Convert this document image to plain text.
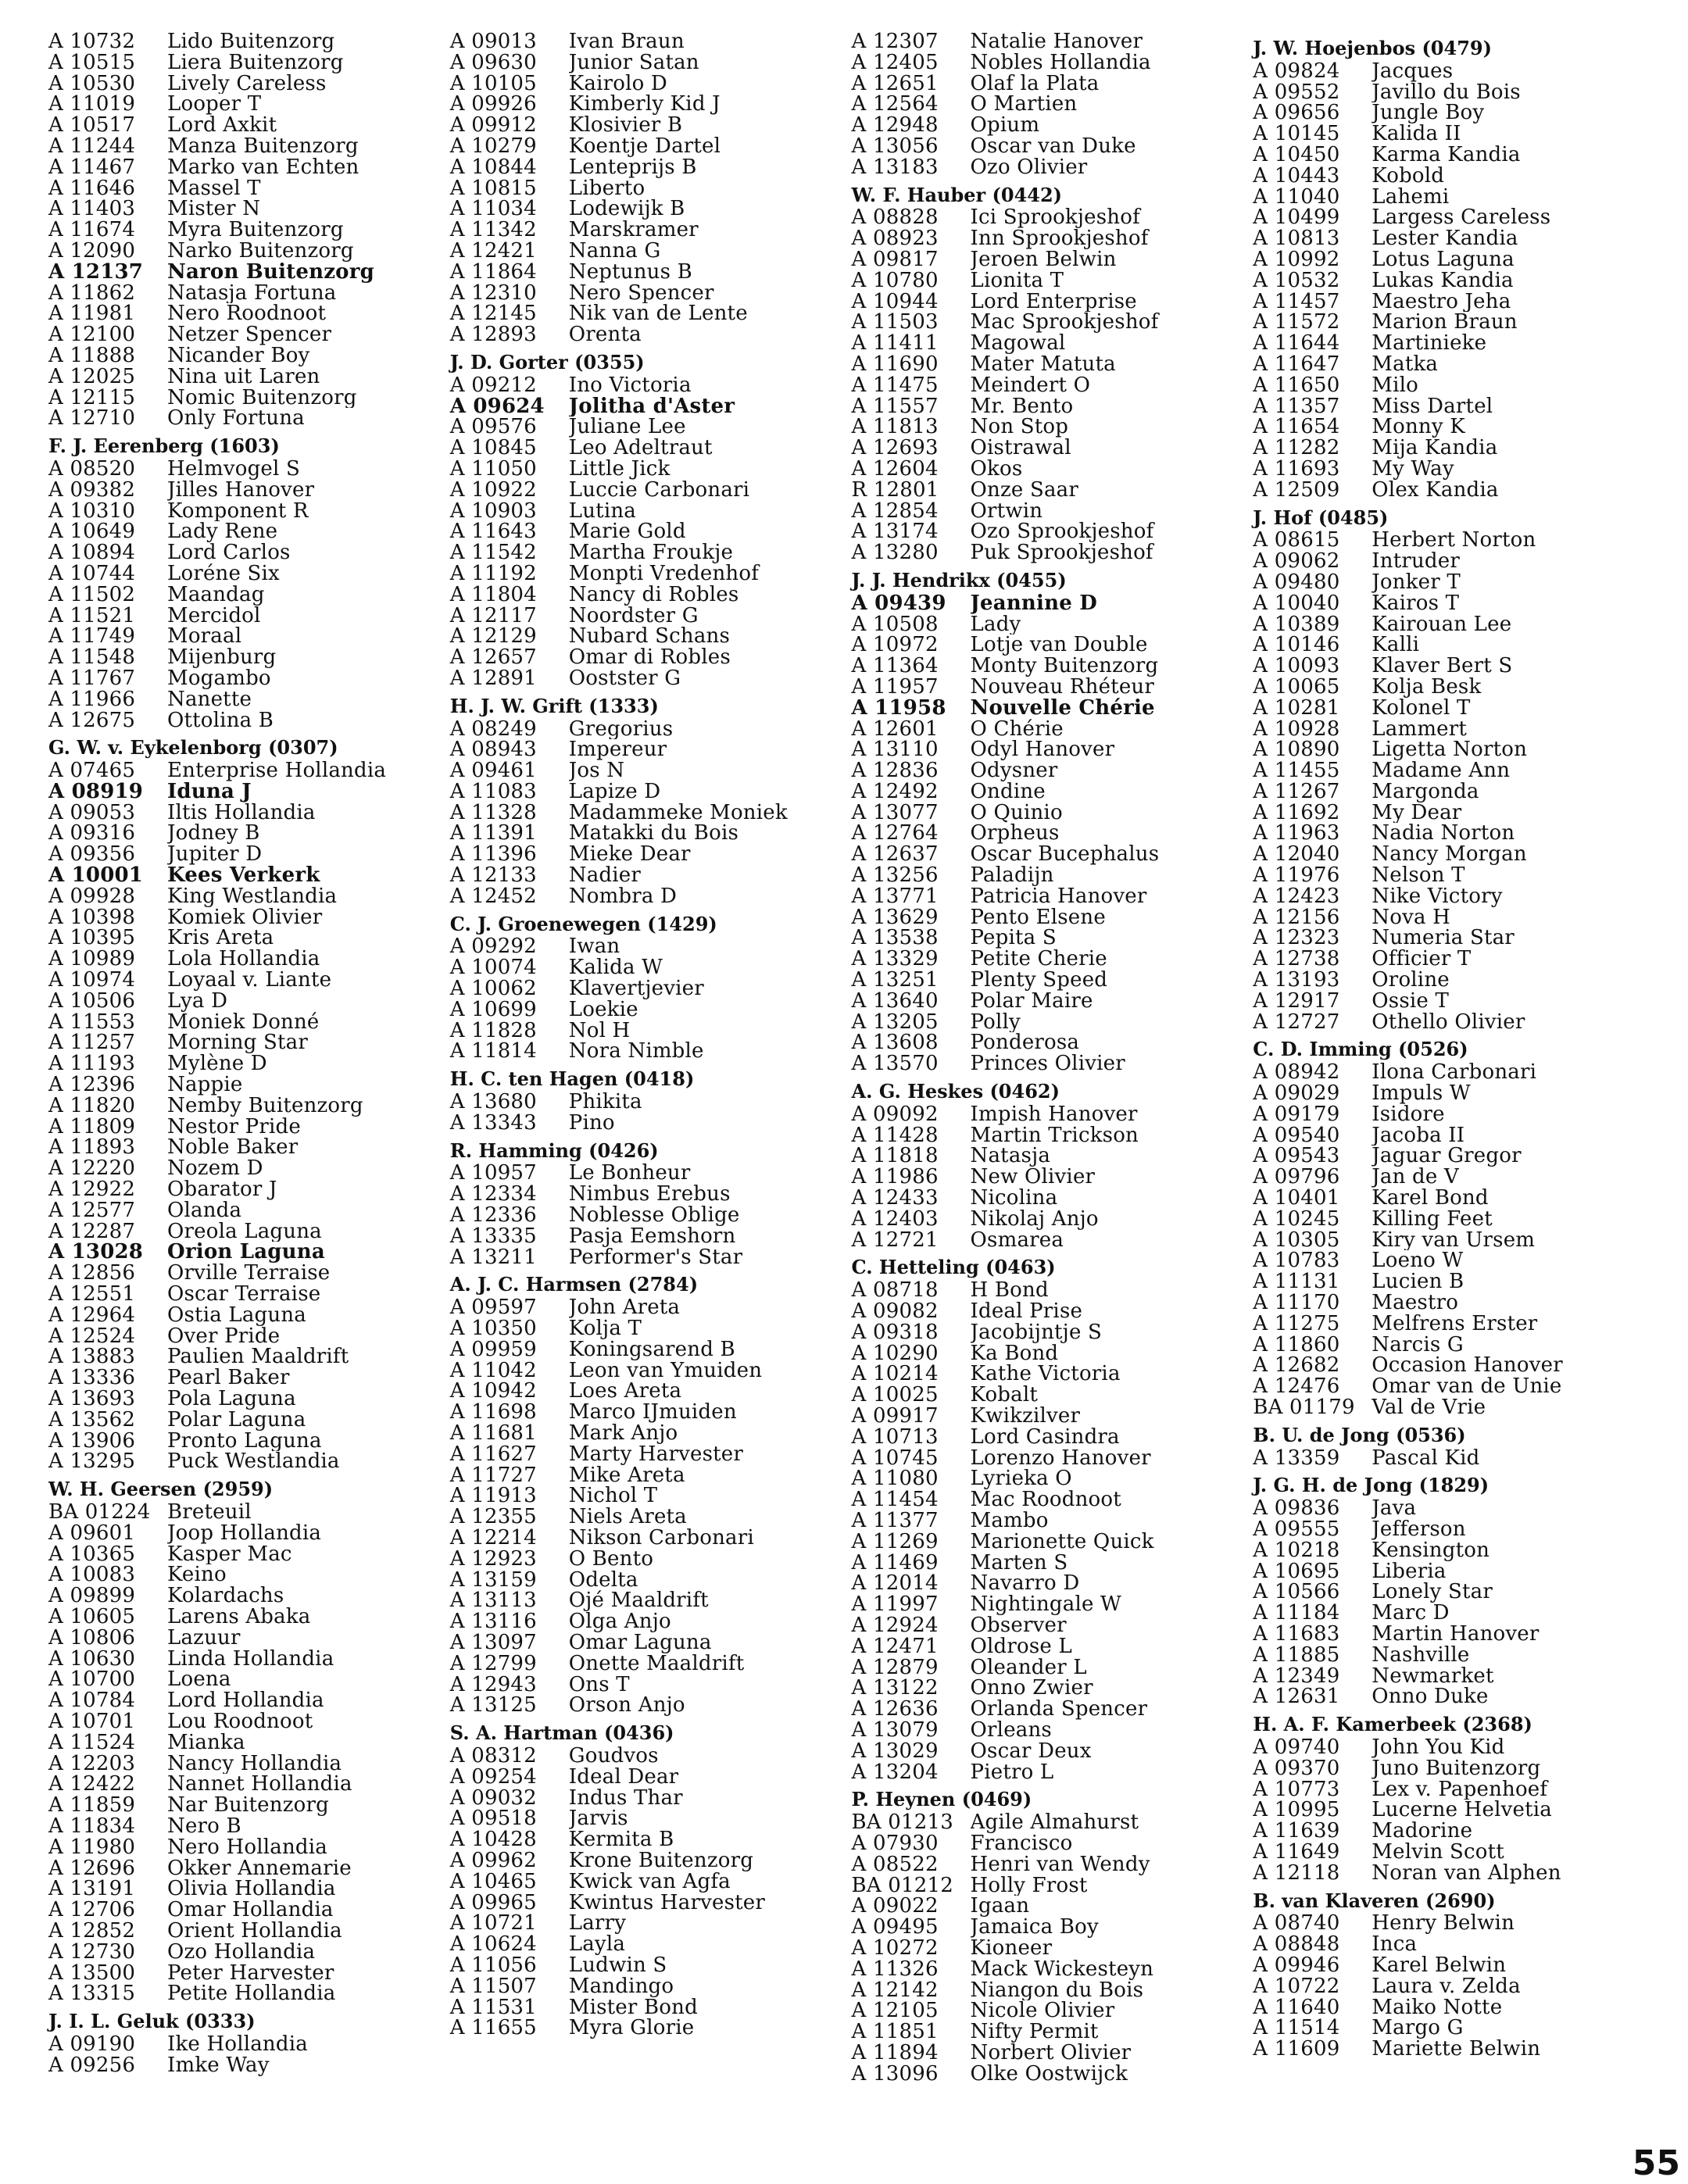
A 10732	Lido Buitenzorg
A 10515	Liera Buitenzorg
A 10530	Lively Careless
A 11019	Looper T
A 10517	Lord Axkit
A 11244	Manza Buitenzorg
A 11467	Marko van Echten
A 11646	Massel T
A 11403	Mister N
A 11674	Myra Buitenzorg
A 12090	Narko Buitenzorg
A 12137	Naron Buitenzorg
A 11862	Natasja Fortuna
A 11981	Nero Roodnoot
A 12100	Netzer Spencer
A 11888	Nicander Boy
A 12025	Nina uit Laren
A 12115	Nomic Buitenzorg
A 12710	Only Fortuna
F. J. Eerenberg (1603)
A 08520	Helmvogel S
A 09382	Jilles Hanover
A 10310	Komponent R
A 10649	Lady Rene
A 10894	Lord Carlos
A 10744	Loréne Six
A 11502	Maandag
A 11521	Mercidol
A 11749	Moraal
A 11548	Mijenburg
A 11767	Mogambo
A 11966	Nanette
A 12675	Ottolina B
G. W. v. Eykelenborg (0307)
A 07465	Enterprise Hollandia
A 08919	Iduna J
A 09053	Iltis Hollandia
A 09316	Jodney B
A 09356	Jupiter D
A 10001	Kees Verkerk
A 09928	King Westlandia
A 10398	Komiek Olivier
A 10395	Kris Areta
A 10989	Lola Hollandia
A 10974	Loyaal v. Liante
A 10506	Lya D
A 11553	Moniek Donné
A 11257	Morning Star
A 11193	Mylène D
A 12396	Nappie
A 11820	Nemby Buitenzorg
A 11809	Nestor Pride
A 11893	Noble Baker
A 12220	Nozem D
A 12922	Obarator J
A 12577	Olanda
A 12287	Oreola Laguna
A 13028	Orion Laguna
A 12856	Orville Terraise
A 12551	Oscar Terraise
A 12964	Ostia Laguna
A 12524	Over Pride
A 13883	Paulien Maaldrift
A 13336	Pearl Baker
A 13693	Pola Laguna
A 13562	Polar Laguna
A 13906	Pronto Laguna
A 13295	Puck Westlandia
W. H. Geersen (2959)
BA 01224 Breteuil
A 09601	Joop Hollandia
A 10365	Kasper Mac
A 10083	Keino
A 09899	Kolardachs
A 10605	Larens Abaka
A 10806	Lazuur
A 10630	Linda Hollandia
A 10700	Loena
A 10784	Lord Hollandia
A 10701	Lou Roodnoot
A 11524	Mianka
A 12203	Nancy Hollandia
A 12422	Nannet Hollandia
A 11859	Nar Buitenzorg
A 11834	Nero B
A 11980	Nero Hollandia
A 12696	Okker Annemarie
A 13191	Olivia Hollandia
A 12706	Omar Hollandia
A 12852	Orient Hollandia
A 12730	Ozo Hollandia
A 13500	Peter Harvester
A 13315	Petite Hollandia
J. I. L. Geluk (0333)
A 09190	Ike Hollandia
A 09256	Imke Way
A 09013	Ivan Braun
A 09630	Junior Satan
A 10105	Kairolo D
A 09926	Kimberly Kid J
A 09912	Klosivier B
A 10279	Koentje Dartel
A 10844	Lenteprijs B
A 10815	Liberto
A 11034	Lodewijk B
A 11342	Marskramer
A 12421	Nanna G
A 11864	Neptunus B
A 12310	Nero Spencer
A 12145	Nik van de Lente
A 12893	Orenta
J. D. Gorter (0355)
A 09212	Ino Victoria
A 09624	Jolitha d'Aster
A 09576	Juliane Lee
A 10845	Leo Adeltraut
A 11050	Little Jick
A 10922	Luccie Carbonari
A 10903	Lutina
A 11643	Marie Gold
A 11542	Martha Froukje
A 11192	Monpti Vredenhof
A 11804	Nancy di Robles
A 12117	Noordster G
A 12129	Nubard Schans
A 12657	Omar di Robles
A 12891	Oostster G
H. J. W. Grift (1333)
A 08249	Gregorius
A 08943	Impereur
A 09461	Jos N
A 11083	Lapize D
A 11328	Madammeke Moniek
A 11391	Matakki du Bois
A 11396	Mieke Dear
A 12133	Nadier
A 12452	Nombra D
C. J. Groenewegen (1429)
A 09292	Iwan
A 10074	Kalida W
A 10062	Klavertjevier
A 10699	Loekie
A 11828	Nol H
A 11814	Nora Nimble
H. C. ten Hagen (0418)
A 13680	Phikita
A 13343	Pino
R. Hamming (0426)
A 10957	Le Bonheur
A 12334	Nimbus Erebus
A 12336	Noblesse Oblige
A 13335	Pasja Eemshorn
A 13211	Performer's Star
A. J. C. Harmsen (2784)
A 09597	John Areta
A 10350	Kolja T
A 09959	Koningsarend B
A 11042	Leon van Ymuiden
A 10942	Loes Areta
A 11698	Marco IJmuiden
A 11681	Mark Anjo
A 11627	Marty Harvester
A 11727	Mike Areta
A 11913	Nichol T
A 12355	Niels Areta
A 12214	Nikson Carbonari
A 12923	O Bento
A 13159	Odelta
A 13113	Ojé Maaldrift
A 13116	Olga Anjo
A 13097	Omar Laguna
A 12799	Onette Maaldrift
A 12943	Ons T
A 13125	Orson Anjo
S. A. Hartman (0436)
A 08312	Goudvos
A 09254	Ideal Dear
A 09032	Indus Thar
A 09518	Jarvis
A 10428	Kermita B
A 09962	Krone Buitenzorg
A 10465	Kwick van Agfa
A 09965	Kwintus Harvester
A 10721	Larry
A 10624	Layla
A 11056	Ludwin S
A 11507	Mandingo
A 11531	Mister Bond
A 11655	Myra Glorie
A 12307	Natalie Hanover
A 12405	Nobles Hollandia
A 12651	Olaf la Plata
A 12564	O Martien
A 12948	Opium
A 13056	Oscar van Duke
A 13183	Ozo Olivier
W. F. Hauber (0442)
A 08828	Ici Sprookjeshof
A 08923	Inn Sprookjeshof
A 09817	Jeroen Belwin
A 10780	Lionita T
A 10944	Lord Enterprise
A 11503	Mac Sprookjeshof
A 11411	Magowal
A 11690	Mater Matuta
A 11475	Meindert O
A 11557	Mr. Bento
A 11813	Non Stop
A 12693	Oistrawal
A 12604	Okos
R 12801	Onze Saar
A 12854	Ortwin
A 13174	Ozo Sprookjeshof
A 13280	Puk Sprookjeshof
J. J. Hendrikx (0455)
A 09439	Jeannine D
A 10508	Lady
A 10972	Lotje van Double
A 11364	Monty Buitenzorg
A 11957	Nouveau Rhéteur
A 11958	Nouvelle Chérie
A 12601	O Chérie
A 13110	Odyl Hanover
A 12836	Odysner
A 12492	Ondine
A 13077	O Quinio
A 12764	Orpheus
A 12637	Oscar Bucephalus
A 13256	Paladijn
A 13771	Patricia Hanover
A 13629	Pento Elsene
A 13538	Pepita S
A 13329	Petite Cherie
A 13251	Plenty Speed
A 13640	Polar Maire
A 13205	Polly
A 13608	Ponderosa
A 13570	Princes Olivier
A. G. Heskes (0462)
A 09092	Impish Hanover
A 11428	Martin Trickson
A 11818	Natasja
A 11986	New Olivier
A 12433	Nicolina
A 12403	Nikolaj Anjo
A 12721	Osmarea
C. Hetteling (0463)
A 08718	H Bond
A 09082	Ideal Prise
A 09318	Jacobijntje S
A 10290	Ka Bond
A 10214	Kathe Victoria
A 10025	Kobalt
A 09917	Kwikzilver
A 10713	Lord Casindra
A 10745	Lorenzo Hanover
A 11080	Lyrieka O
A 11454	Mac Roodnoot
A 11377	Mambo
A 11269	Marionette Quick
A 11469	Marten S
A 12014	Navarro D
A 11997	Nightingale W
A 12924	Observer
A 12471	Oldrose L
A 12879	Oleander L
A 13122	Onno Zwier
A 12636	Orlanda Spencer
A 13079	Orleans
A 13029	Oscar Deux
A 13204	Pietro L
P. Heynen (0469)
BA 01213 Agile Almahurst
A 07930	Francisco
A 08522	Henri van Wendy
BA 01212 Holly Frost
A 09022	Igaan
A 09495	Jamaica Boy
A 10272	Kioneer
A 11326	Mack Wickesteyn
A 12142	Niangon du Bois
A 12105	Nicole Olivier
A 11851	Nifty Permit
A 11894	Norbert Olivier
A 13096	Olke Oostwijck
J. W. Hoejenbos (0479)
A 09824	Jacques
A 09552	Javillo du Bois
A 09656	Jungle Boy
A 10145	Kalida II
A 10450	Karma Kandia
A 10443	Kobold
A 11040	Lahemi
A 10499	Largess Careless
A 10813	Lester Kandia
A 10992	Lotus Laguna
A 10532	Lukas Kandia
A 11457	Maestro Jeha
A 11572	Marion Braun
A 11644	Martinieke
A 11647	Matka
A 11650	Milo
A 11357	Miss Dartel
A 11654	Monny K
A 11282	Mija Kandia
A 11693	My Way
A 12509	Olex Kandia
J. Hof (0485)
A 08615	Herbert Norton
A 09062	Intruder
A 09480	Jonker T
A 10040	Kairos T
A 10389	Kairouan Lee
A 10146	Kalli
A 10093	Klaver Bert S
A 10065	Kolja Besk
A 10281	Kolonel T
A 10928	Lammert
A 10890	Ligetta Norton
A 11455	Madame Ann
A 11267	Margonda
A 11692	My Dear
A 11963	Nadia Norton
A 12040	Nancy Morgan
A 11976	Nelson T
A 12423	Nike Victory
A 12156	Nova H
A 12323	Numeria Star
A 12738	Officier T
A 13193	Oroline
A 12917	Ossie T
A 12727	Othello Olivier
C. D. Imming (0526)
A 08942	Ilona Carbonari
A 09029	Impuls W
A 09179	Isidore
A 09540	Jacoba II
A 09543	Jaguar Gregor
A 09796	Jan de V
A 10401	Karel Bond
A 10245	Killing Feet
A 10305	Kiry van Ursem
A 10783	Loeno W
A 11131	Lucien B
A 11170	Maestro
A 11275	Melfrens Erster
A 11860	Narcis G
A 12682	Occasion Hanover
A 12476	Omar van de Unie
BA 01179 Val de Vrie
B. U. de Jong (0536)
A 13359	Pascal Kid
J. G. H. de Jong (1829)
A 09836	Java
A 09555	Jefferson
A 10218	Kensington
A 10695	Liberia
A 10566	Lonely Star
A 11184	Marc D
A 11683	Martin Hanover
A 11885	Nashville
A 12349	Newmarket
A 12631	Onno Duke
H. A. F. Kamerbeek (2368)
A 09740	John You Kid
A 09370	Juno Buitenzorg
A 10773	Lex v. Papenhoef
A 10995	Lucerne Helvetia
A 11639	Madorine
A 11649	Melvin Scott
A 12118	Noran van Alphen
B. van Klaveren (2690)
A 08740	Henry Belwin
A 08848	Inca
A 09946	Karel Belwin
A 10722	Laura v. Zelda
A 11640	Maiko Notte
A 11514	Margo G
A 11609	Mariette Belwin
55
